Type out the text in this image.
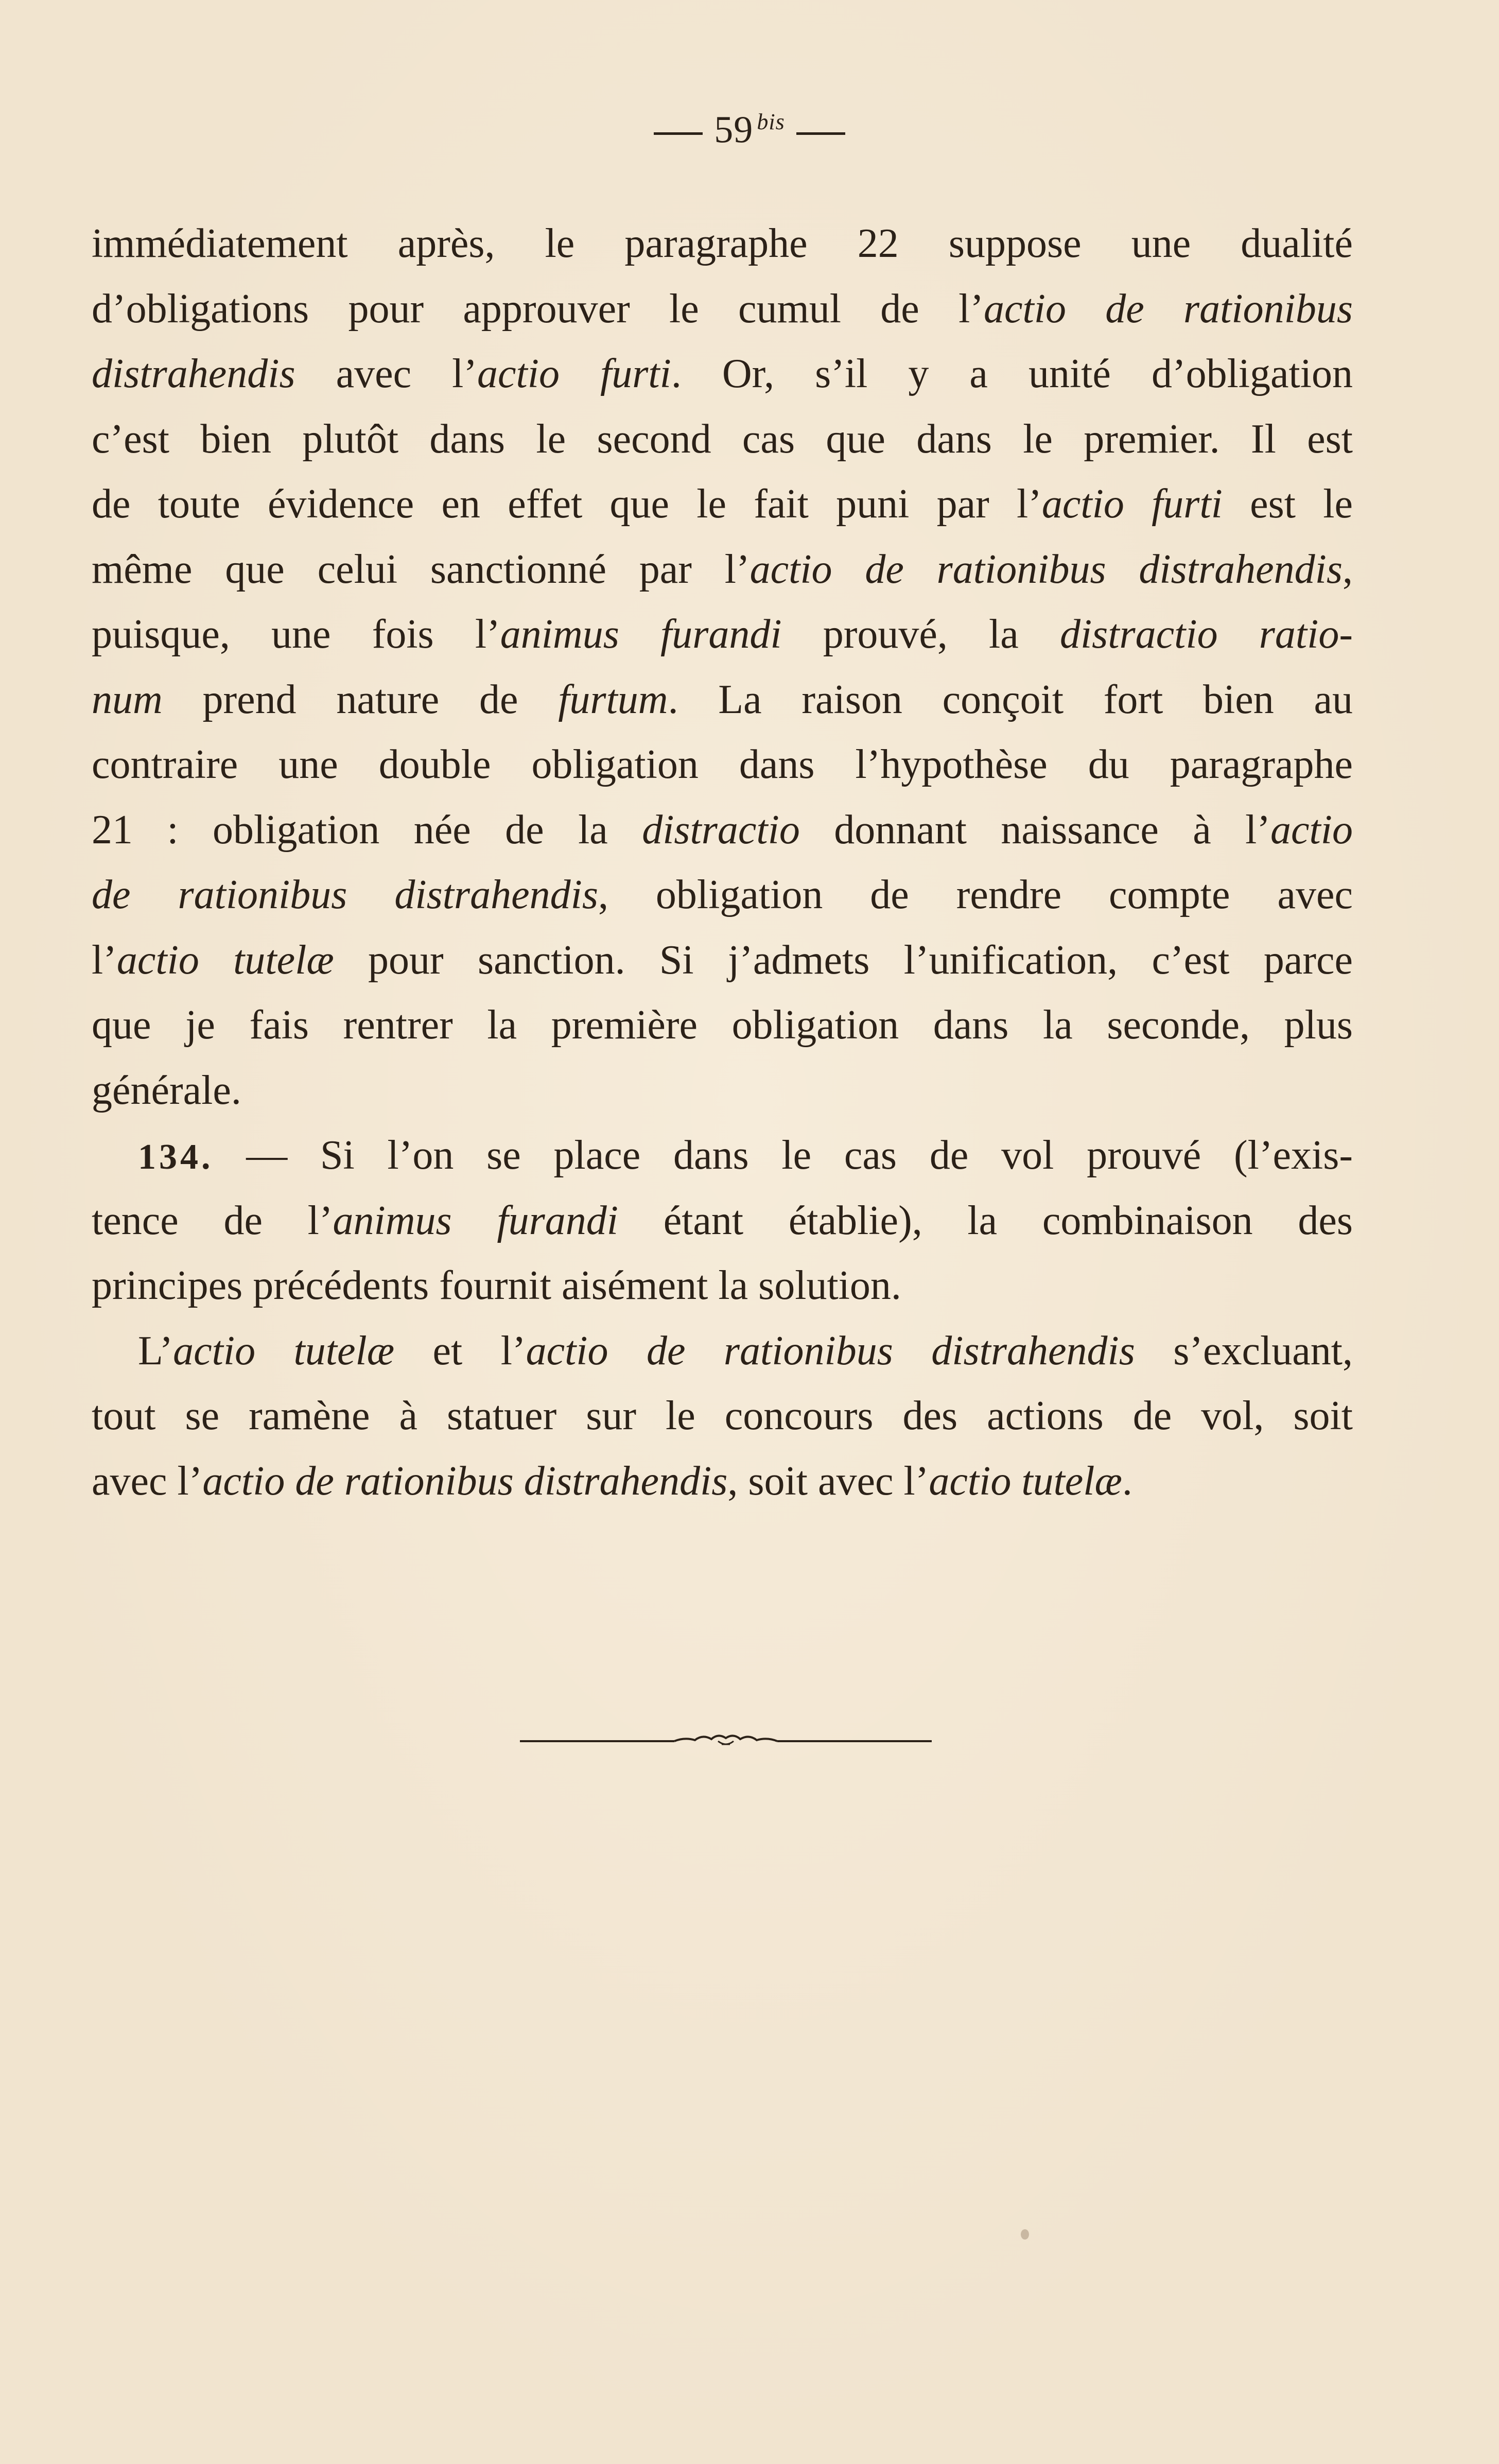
59  $^{bis}$
immédiatement après, le paragraphe 22 suppose une dualité
d’obligations pour approuver le cumul de l’actio de rationibus
distrahendis avec l’actio furti. Or, s’il y a unité d’obligation
c’est bien plutôt dans le second cas que dans le premier. Il est
de toute évidence en effet que le fait puni par l’actio furti est le
même que celui sanctionné par l’actio de rationibus distrahendis,
puisque, une fois l’animus furandi prouvé, la distractio ratio-
num prend nature de furtum. La raison conçoit fort bien au
contraire une double obligation dans l’hypothèse du paragraphe
21 : obligation née de la distractio donnant naissance à l’actio
de rationibus distrahendis, obligation de rendre compte avec
l’actio tutelæ pour sanction. Si j’admets l’unification, c’est parce
que je fais rentrer la première obligation dans la seconde, plus
générale.
134. — Si l’on se place dans le cas de vol prouvé (l’exis-
tence de l’animus furandi étant établie), la combinaison des
principes précédents fournit aisément la solution.
L’actio tutelæ et l’actio de rationibus distrahendis s’excluant,
tout se ramène à statuer sur le concours des actions de vol, soit
avec l’actio de rationibus distrahendis, soit avec l’actio tutelæ.
